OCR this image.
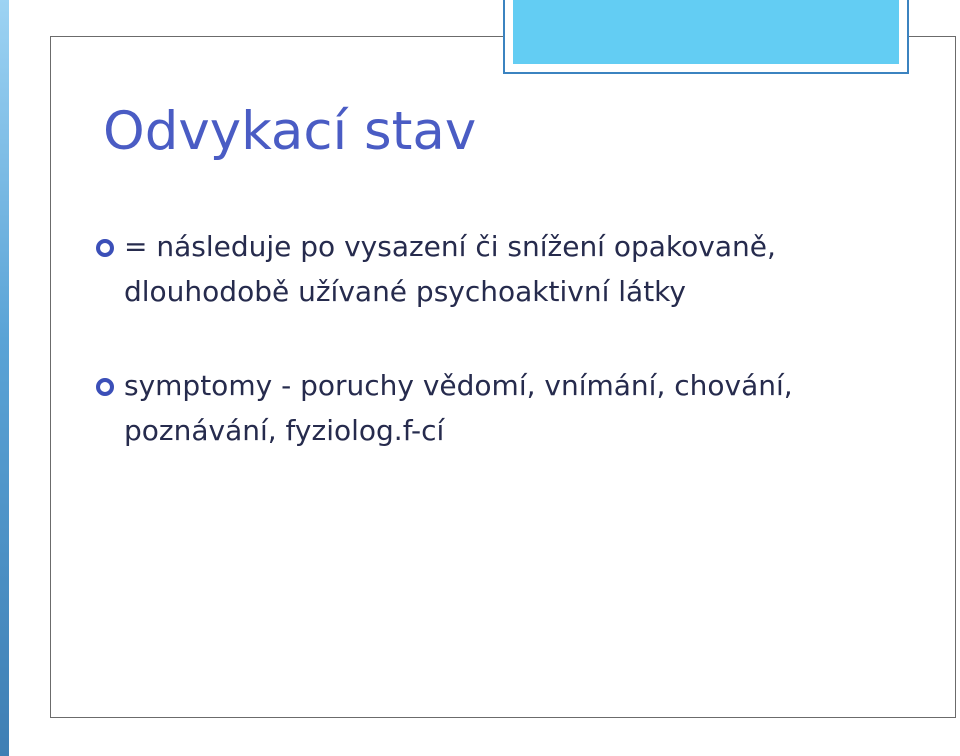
Odvykací stav

= následuje po vysazení či snížení opakovaně,
dlouhodobě užívané psychoaktivní látky

symptomy - poruchy vědomí, vnímání, chování,
poznávání, fyziolog.f-cí
